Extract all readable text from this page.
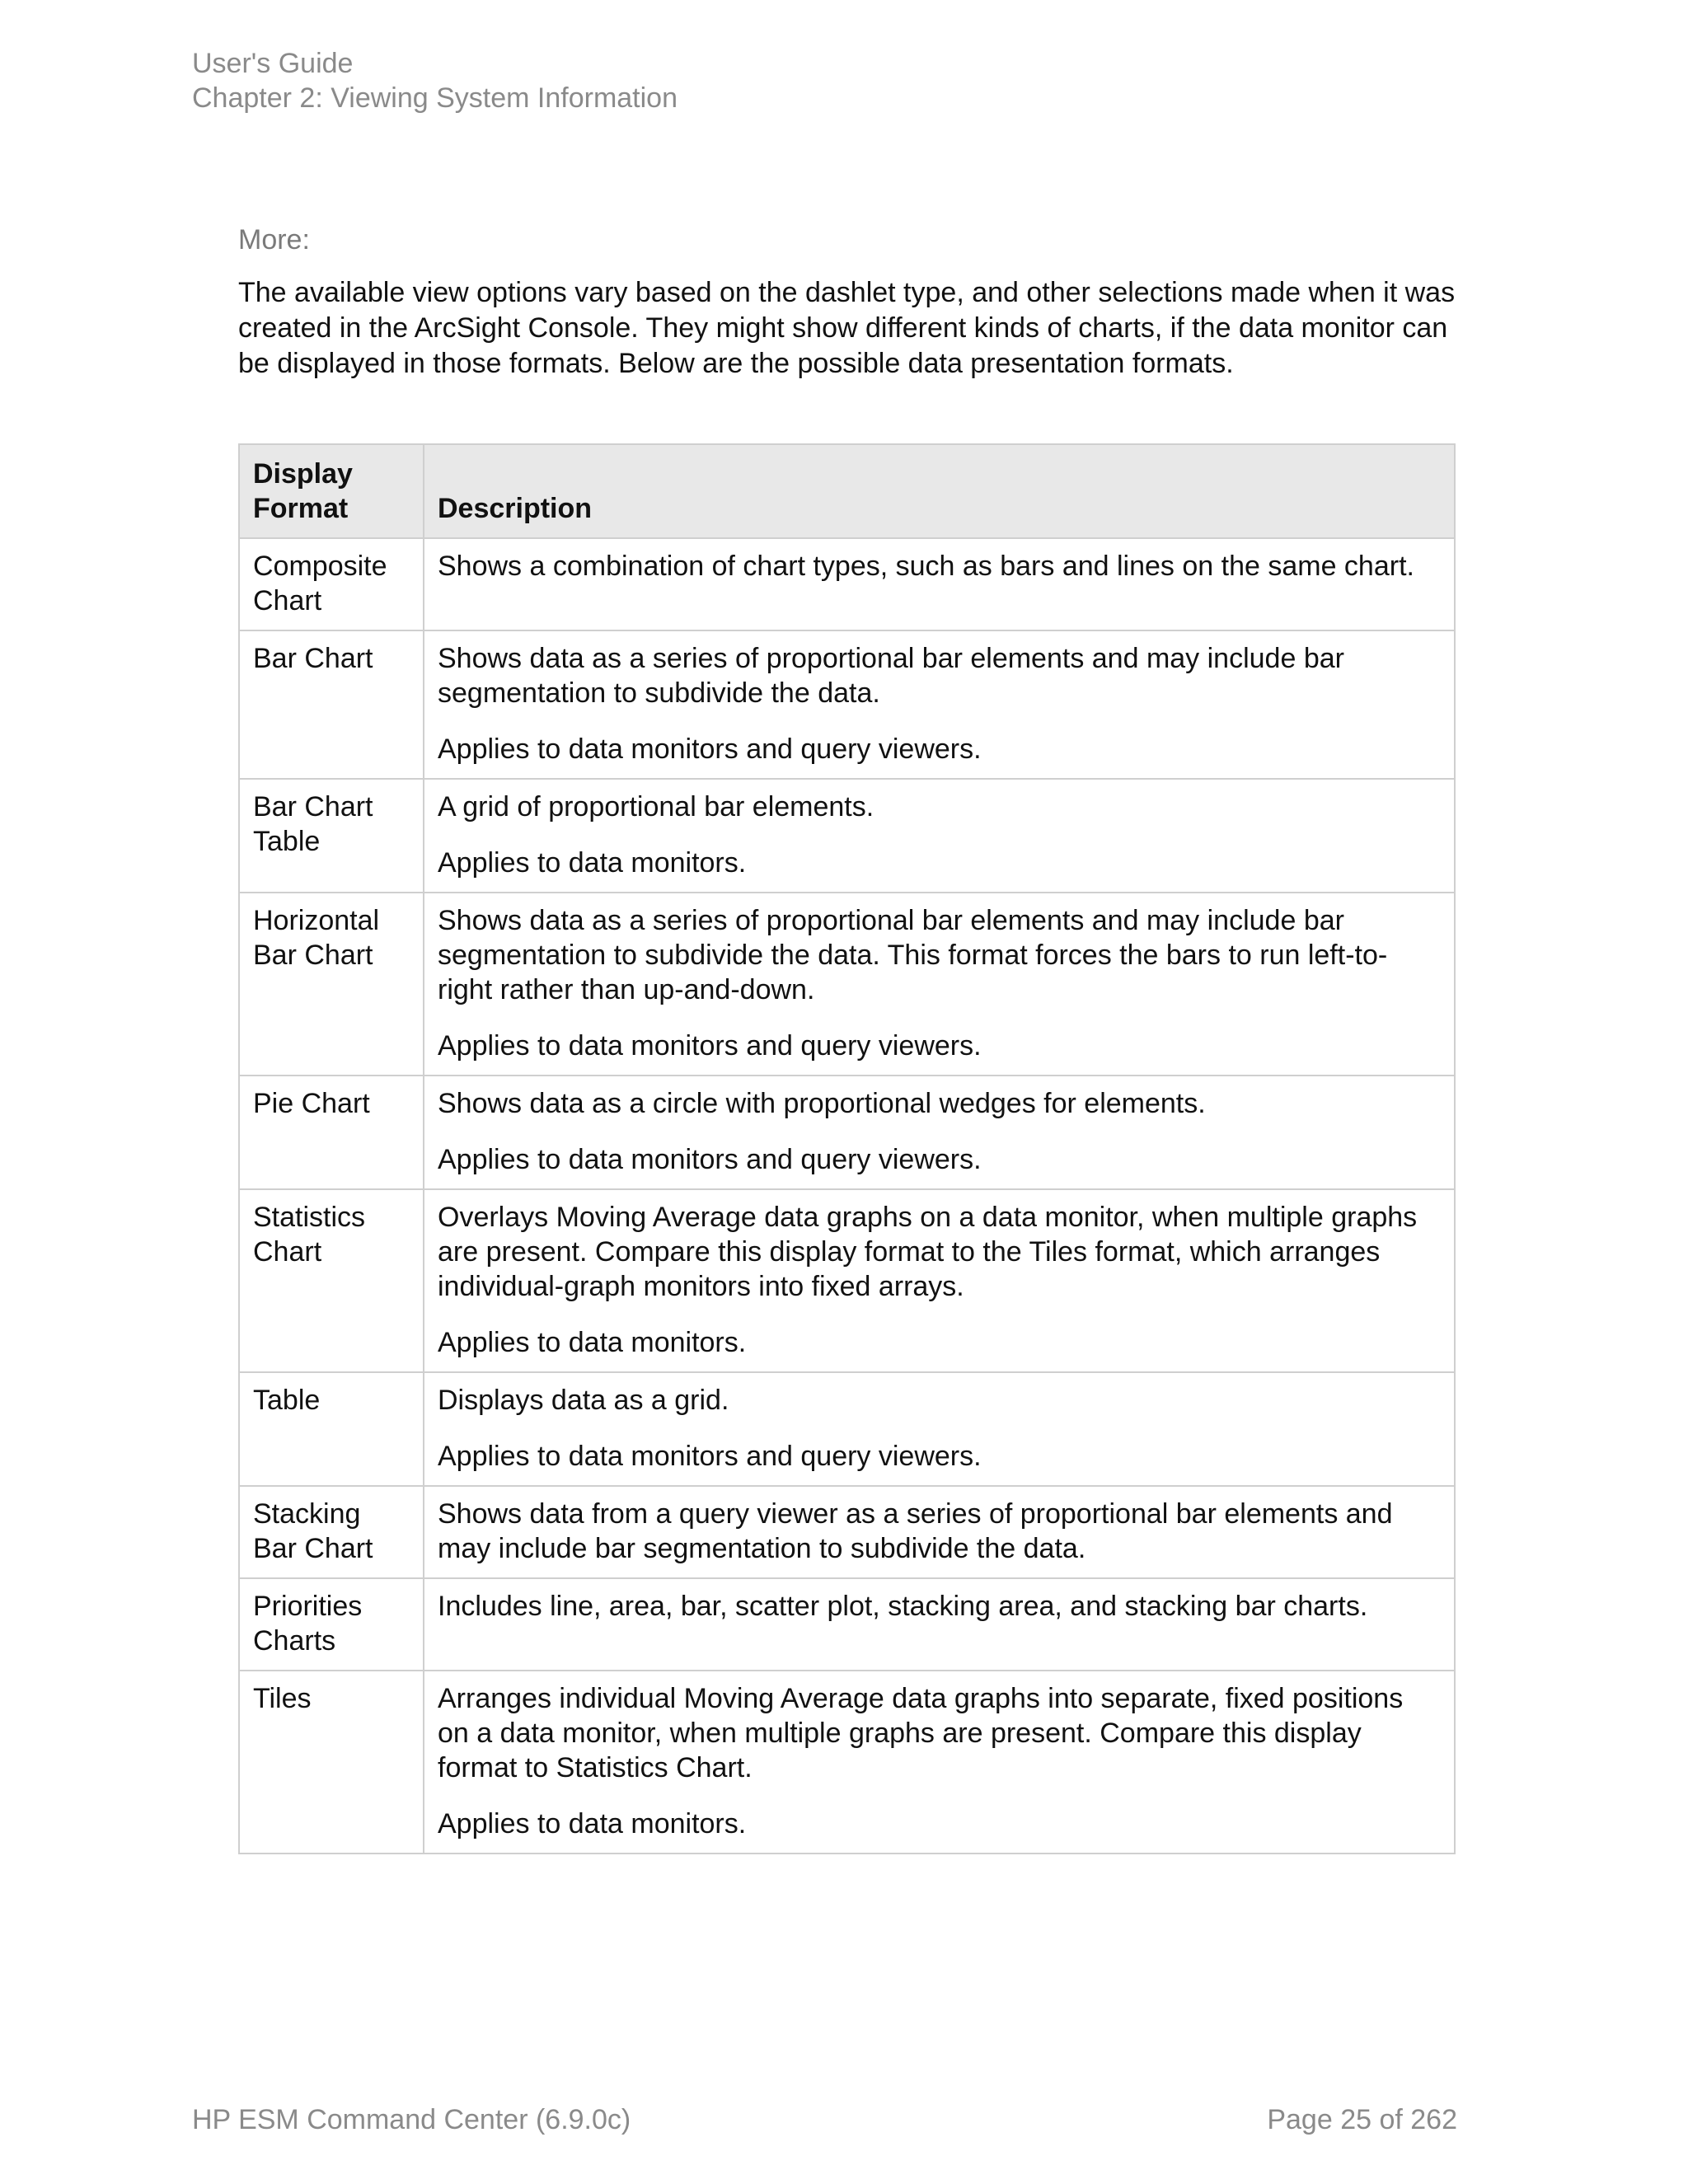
User's Guide
Chapter 2: Viewing System Information

More:

The available view options vary based on the dashlet type, and other selections made when it was created in the ArcSight Console. They might show different kinds of charts, if the data monitor can be displayed in those formats. Below are the possible data presentation formats.

Display Format	Description
Composite Chart	Shows a combination of chart types, such as bars and lines on the same chart.

Bar Chart	Shows data as a series of proportional bar elements and may include bar segmentation to subdivide the data.

Applies to data monitors and query viewers.

Bar Chart Table	A grid of proportional bar elements.

Applies to data monitors.

Horizontal Bar Chart	Shows data as a series of proportional bar elements and may include bar segmentation to subdivide the data. This format forces the bars to run left-to-right rather than up-and-down.

Applies to data monitors and query viewers.

Pie Chart	Shows data as a circle with proportional wedges for elements.

Applies to data monitors and query viewers.

Statistics Chart	Overlays Moving Average data graphs on a data monitor, when multiple graphs are present. Compare this display format to the Tiles format, which arranges individual-graph monitors into fixed arrays.

Applies to data monitors.

Table	Displays data as a grid.

Applies to data monitors and query viewers.

Stacking Bar Chart	Shows data from a query viewer as a series of proportional bar elements and may include bar segmentation to subdivide the data.

Priorities Charts	Includes line, area, bar, scatter plot, stacking area, and stacking bar charts.

Tiles	Arranges individual Moving Average data graphs into separate, fixed positions on a data monitor, when multiple graphs are present. Compare this display format to Statistics Chart.

Applies to data monitors.

HP ESM Command Center (6.9.0c)	Page 25 of 262
